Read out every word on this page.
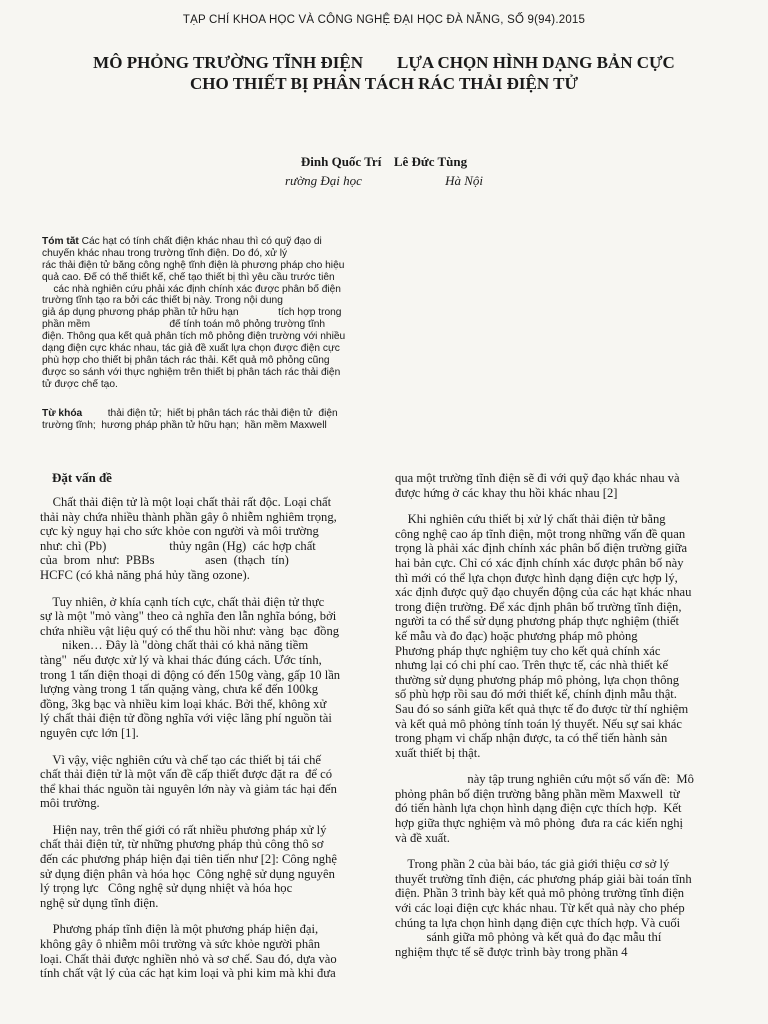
TẠP CHÍ KHOA HỌC VÀ CÔNG NGHỆ ĐẠI HỌC ĐÀ NẴNG, SỐ 9(94).2015
MÔ PHỎNG TRƯỜNG TĨNH ĐIỆN        LỰA CHỌN HÌNH DẠNG BẢN CỰC
CHO THIẾT BỊ PHÂN TÁCH RÁC THẢI ĐIỆN TỬ
Đinh Quốc Trí Lê Đức Tùng
rường Đại học	Hà Nội
Tóm tắt Các hạt có tính chất điện khác nhau thì có quỹ đạo di
chuyển khác nhau trong trường tĩnh điện. Do đó, xử lý
rác thải điện tử bằng công nghệ tĩnh điện là phương pháp cho hiệu
quả cao. Để có thể thiết kế, chế tạo thiết bị thì yêu cầu trước tiên
các nhà nghiên cứu phải xác định chính xác được phân bố điện
trường tĩnh tạo ra bởi các thiết bị này. Trong nội dung
giả áp dụng phương pháp phần tử hữu hạn              tích hợp trong
phần mềm                            để tính toán mô phỏng trường tĩnh
điện. Thông qua kết quả phân tích mô phỏng điện trường với nhiều
dạng điện cực khác nhau, tác giả đề xuất lựa chọn được điện cực
phù hợp cho thiết bị phân tách rác thải. Kết quả mô phỏng cũng
được so sánh với thực nghiệm trên thiết bị phân tách rác thải điện
tử được chế tạo.
Từ khóa         thải điện tử;  hiết bị phân tách rác thải điện tử  điện
trường tĩnh;  hương pháp phần tử hữu hạn;  hần mềm Maxwell
Đặt vấn đề
Chất thải điện tử là một loại chất thải rất độc. Loại chất
thải này chứa nhiều thành phần gây ô nhiễm nghiêm trọng,
cực kỳ nguy hại cho sức khỏe con người và môi trường
như: chì (Pb)                    thủy ngân (Hg)  các hợp chất
của  brom  như:  PBBs                asen  (thạch  tín)
HCFC (có khả năng phá hủy tầng ozone).
Tuy nhiên, ở khía cạnh tích cực, chất thải điện tử thực
sự là một "mỏ vàng" theo cả nghĩa đen lẫn nghĩa bóng, bởi
chứa nhiều vật liệu quý có thể thu hồi như: vàng  bạc  đồng
niken… Đây là "dòng chất thải có khả năng tiềm
tàng"  nếu được xử lý và khai thác đúng cách. Ước tính,
trong 1 tấn điện thoại di động có đến 150g vàng, gấp 10 lần
lượng vàng trong 1 tấn quặng vàng, chưa kể đến 100kg
đồng, 3kg bạc và nhiều kim loại khác. Bởi thế, không xử
lý chất thải điện tử đồng nghĩa với việc lãng phí nguồn tài
nguyên cực lớn [1].
Vì vậy, việc nghiên cứu và chế tạo các thiết bị tái chế
chất thải điện tử là một vấn đề cấp thiết được đặt ra  để có
thể khai thác nguồn tài nguyên lớn này và giảm tác hại đến
môi trường.
Hiện nay, trên thế giới có rất nhiều phương pháp xử lý
chất thải điện tử, từ những phương pháp thủ công thô sơ
đến các phương pháp hiện đại tiên tiến như [2]: Công nghệ
sử dụng điện phân và hóa học  Công nghệ sử dụng nguyên
lý trọng lực   Công nghệ sử dụng nhiệt và hóa học
nghệ sử dụng tĩnh điện.
Phương pháp tĩnh điện là một phương pháp hiện đại,
không gây ô nhiễm môi trường và sức khỏe người phân
loại. Chất thải được nghiền nhỏ và sơ chế. Sau đó, dựa vào
tính chất vật lý của các hạt kim loại và phi kim mà khi đưa
qua một trường tĩnh điện sẽ đi với quỹ đạo khác nhau và
được hứng ở các khay thu hồi khác nhau [2]
Khi nghiên cứu thiết bị xử lý chất thải điện tử bằng
công nghệ cao áp tĩnh điện, một trong những vấn đề quan
trọng là phải xác định chính xác phân bố điện trường giữa
hai bản cực. Chỉ có xác định chính xác được phân bố này
thì mới có thể lựa chọn được hình dạng điện cực hợp lý,
xác định được quỹ đạo chuyển động của các hạt khác nhau
trong điện trường. Để xác định phân bố trường tĩnh điện,
người ta có thể sử dụng phương pháp thực nghiệm (thiết
kế mẫu và đo đạc) hoặc phương pháp mô phỏng
Phương pháp thực nghiệm tuy cho kết quả chính xác
nhưng lại có chi phí cao. Trên thực tế, các nhà thiết kế
thường sử dụng phương pháp mô phỏng, lựa chọn thông
số phù hợp rồi sau đó mới thiết kế, chính định mẫu thật.
Sau đó so sánh giữa kết quả thực tế đo được từ thí nghiệm
và kết quả mô phỏng tính toán lý thuyết. Nếu sự sai khác
trong phạm vi chấp nhận được, ta có thể tiến hành sản
xuất thiết bị thật.
này tập trung nghiên cứu một số vấn đề:  Mô
phỏng phân bố điện trường bằng phần mềm Maxwell  từ
đó tiến hành lựa chọn hình dạng điện cực thích hợp.  Kết
hợp giữa thực nghiệm và mô phỏng  đưa ra các kiến nghị
và đề xuất.
Trong phần 2 của bài báo, tác giả giới thiệu cơ sở lý
thuyết trường tĩnh điện, các phương pháp giải bài toán tĩnh
điện. Phần 3 trình bày kết quả mô phỏng trường tĩnh điện
với các loại điện cực khác nhau. Từ kết quả này cho phép
chúng ta lựa chọn hình dạng điện cực thích hợp. Và cuối
sánh giữa mô phỏng và kết quả đo đạc mẫu thí
nghiệm thực tế sẽ được trình bày trong phần 4
